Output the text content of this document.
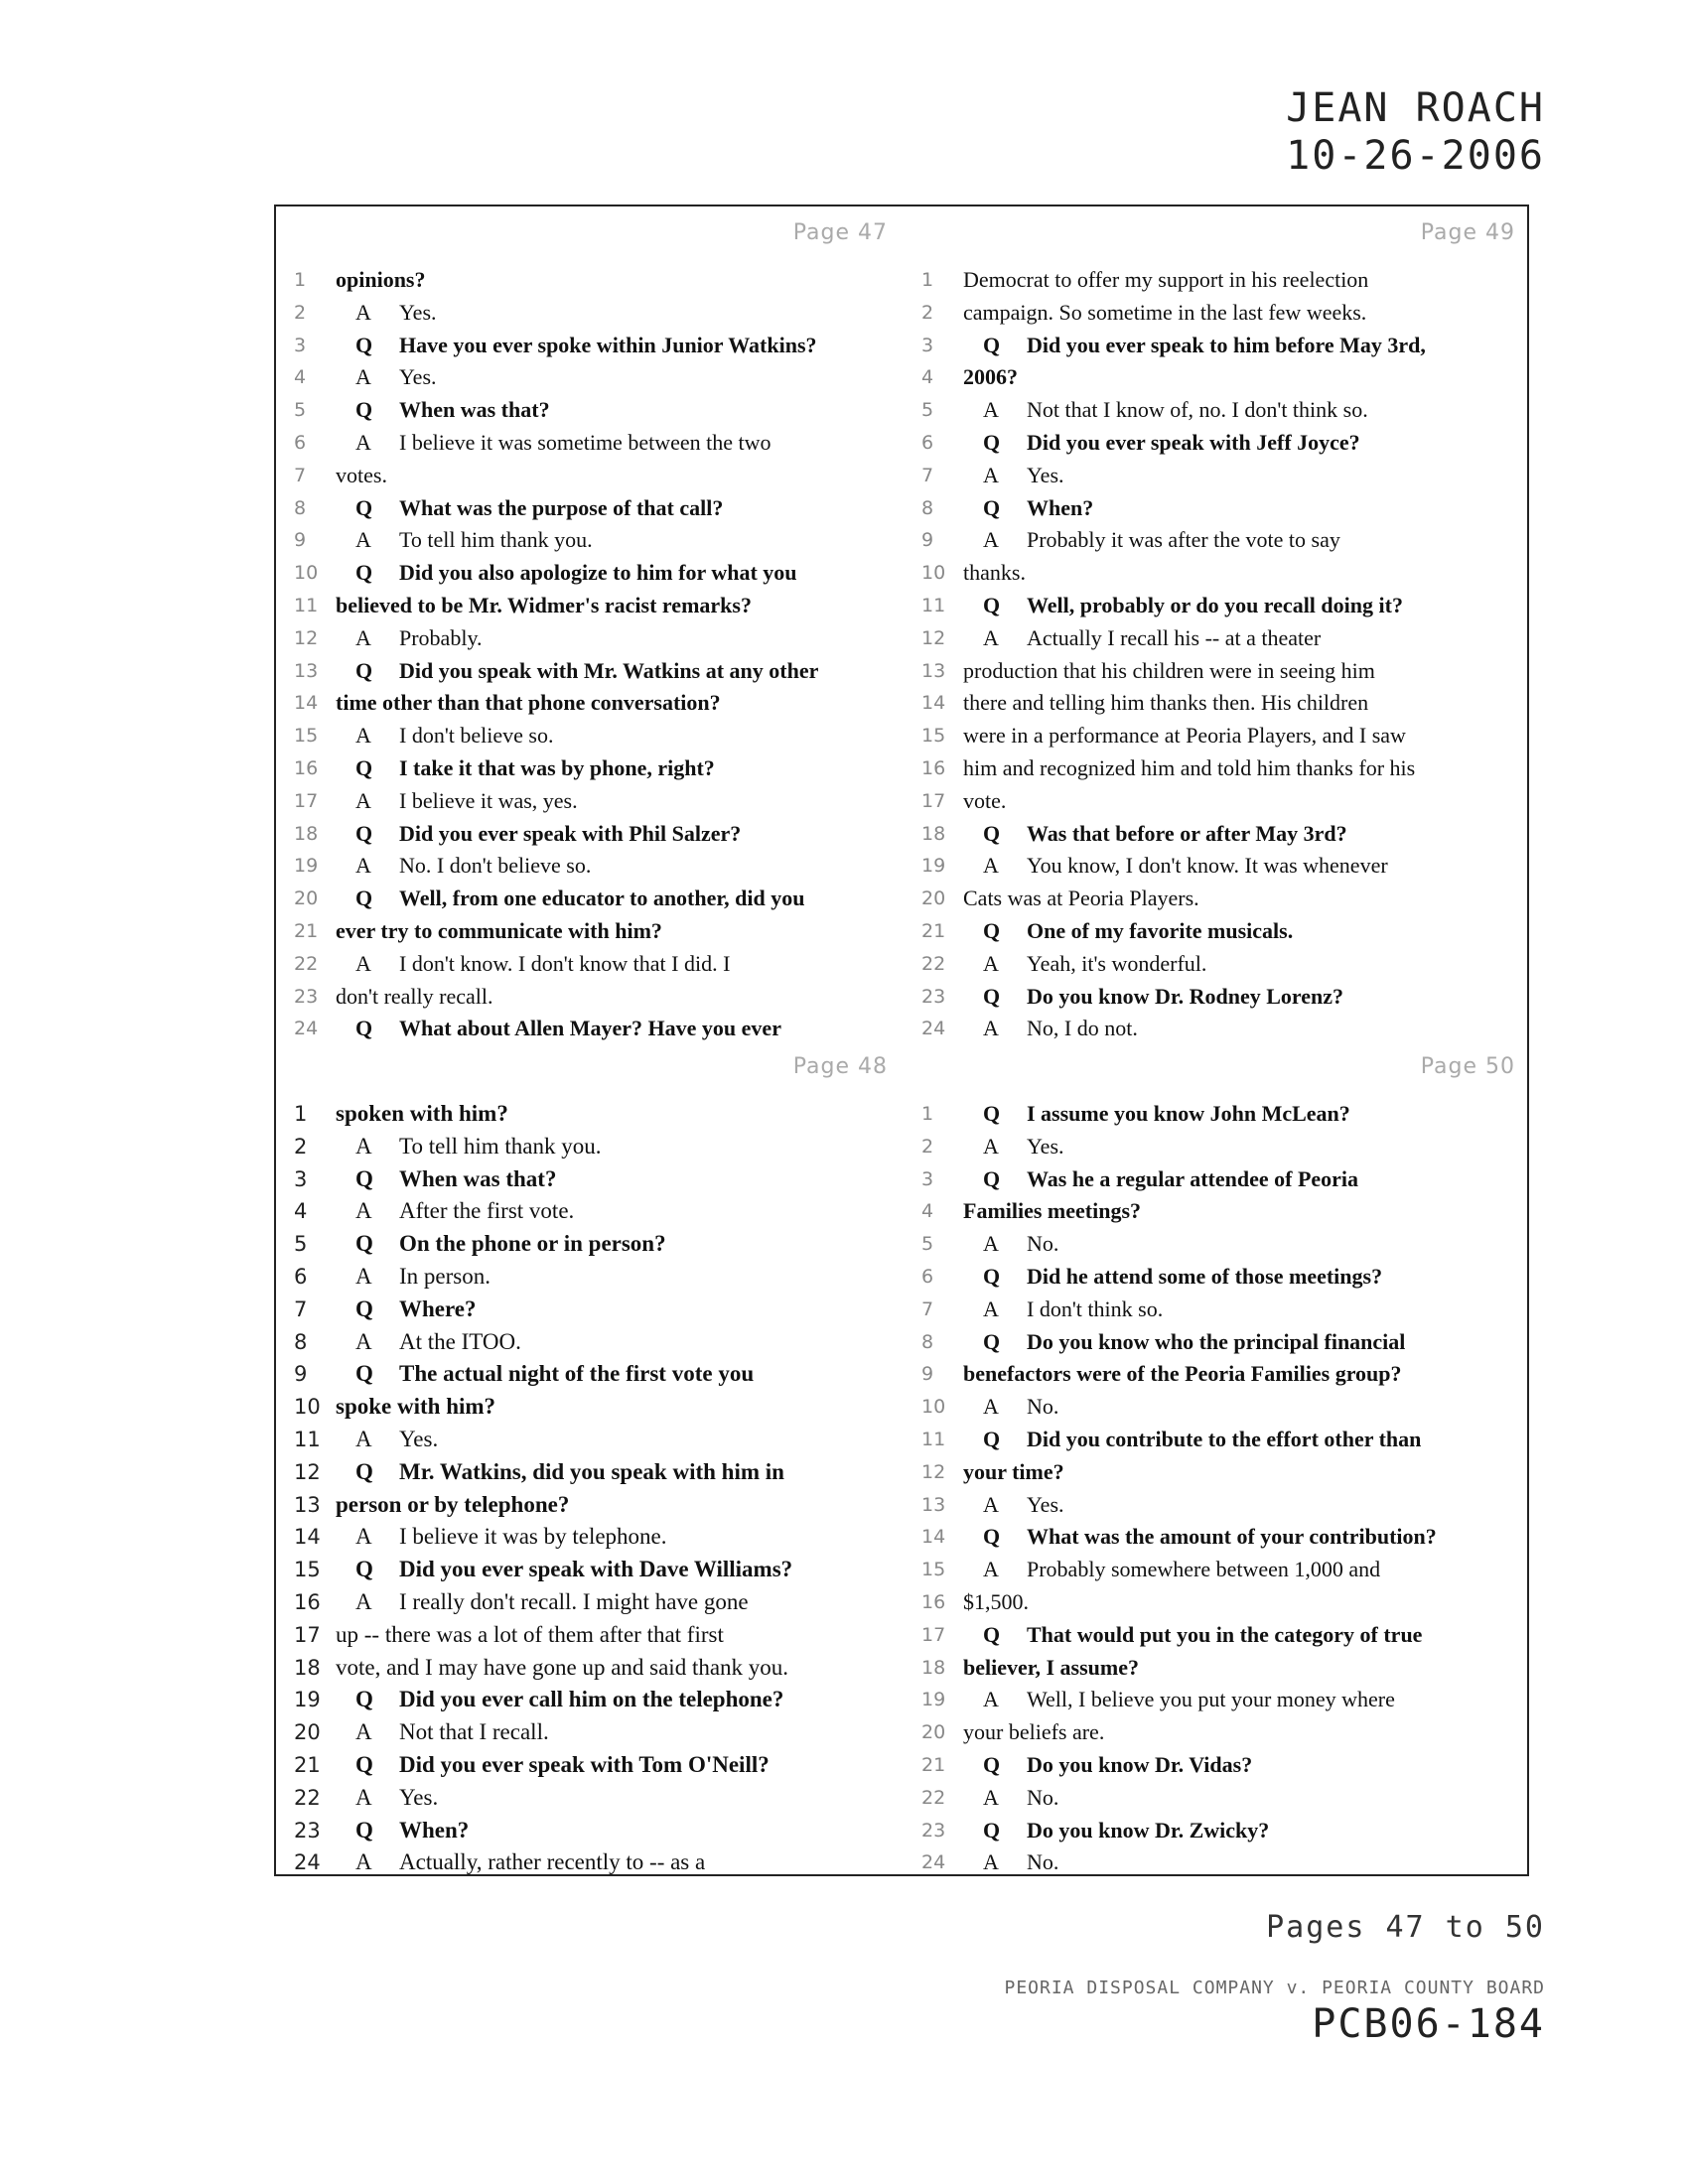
JEAN ROACH
10-26-2006
Page 47
1	opinions?
2	A Yes.
3	Q Have you ever spoke within Junior Watkins?
4	A Yes.
5	Q When was that?
6	A I believe it was sometime between the two
7	votes.
8	Q What was the purpose of that call?
9	A To tell him thank you.
10	Q Did you also apologize to him for what you
11 believed to be Mr. Widmer's racist remarks?
12	A Probably.
13	Q Did you speak with Mr. Watkins at any other
14 time other than that phone conversation?
15	A I don't believe so.
16	Q I take it that was by phone, right?
17	A I believe it was, yes.
18	Q Did you ever speak with Phil Salzer?
19	A No. I don't believe so.
20	Q Well, from one educator to another, did you
21 ever try to communicate with him?
22	A I don't know. I don't know that I did. I
23 don't really recall.
24	Q What about Allen Mayer? Have you ever
Page 49
1	Democrat to offer my support in his reelection
2	campaign. So sometime in the last few weeks.
3	Q Did you ever speak to him before May 3rd,
4	2006?
5	A Not that I know of, no. I don't think so.
6	Q Did you ever speak with Jeff Joyce?
7	A Yes.
8	Q When?
9	A Probably it was after the vote to say
10 thanks.
11	Q Well, probably or do you recall doing it?
12	A Actually I recall his -- at a theater
13 production that his children were in seeing him
14 there and telling him thanks then. His children
15 were in a performance at Peoria Players, and I saw
16 him and recognized him and told him thanks for his
17 vote.
18	Q Was that before or after May 3rd?
19	A You know, I don't know. It was whenever
20 Cats was at Peoria Players.
21	Q One of my favorite musicals.
22	A Yeah, it's wonderful.
23	Q Do you know Dr. Rodney Lorenz?
24	A No, I do not.
Page 48
1	spoken with him?
2	A To tell him thank you.
3	Q When was that?
4	A After the first vote.
5	Q On the phone or in person?
6	A In person.
7	Q Where?
8	A At the ITOO.
9	Q The actual night of the first vote you
10 spoke with him?
11	A Yes.
12	Q Mr. Watkins, did you speak with him in
13 person or by telephone?
14	A I believe it was by telephone.
15	Q Did you ever speak with Dave Williams?
16	A I really don't recall. I might have gone
17 up -- there was a lot of them after that first
18 vote, and I may have gone up and said thank you.
19	Q Did you ever call him on the telephone?
20	A Not that I recall.
21	Q Did you ever speak with Tom O'Neill?
22	A Yes.
23	Q When?
24	A Actually, rather recently to -- as a
Page 50
1	Q I assume you know John McLean?
2	A Yes.
3	Q Was he a regular attendee of Peoria
4	Families meetings?
5	A No.
6	Q Did he attend some of those meetings?
7	A I don't think so.
8	Q Do you know who the principal financial
9	benefactors were of the Peoria Families group?
10	A No.
11	Q Did you contribute to the effort other than
12 your time?
13	A Yes.
14	Q What was the amount of your contribution?
15	A Probably somewhere between 1,000 and
16 $1,500.
17	Q That would put you in the category of true
18 believer, I assume?
19	A Well, I believe you put your money where
20 your beliefs are.
21	Q Do you know Dr. Vidas?
22	A No.
23	Q Do you know Dr. Zwicky?
24	A No.
Pages 47 to 50
PEORIA DISPOSAL COMPANY v. PEORIA COUNTY BOARD
PCB06-184
